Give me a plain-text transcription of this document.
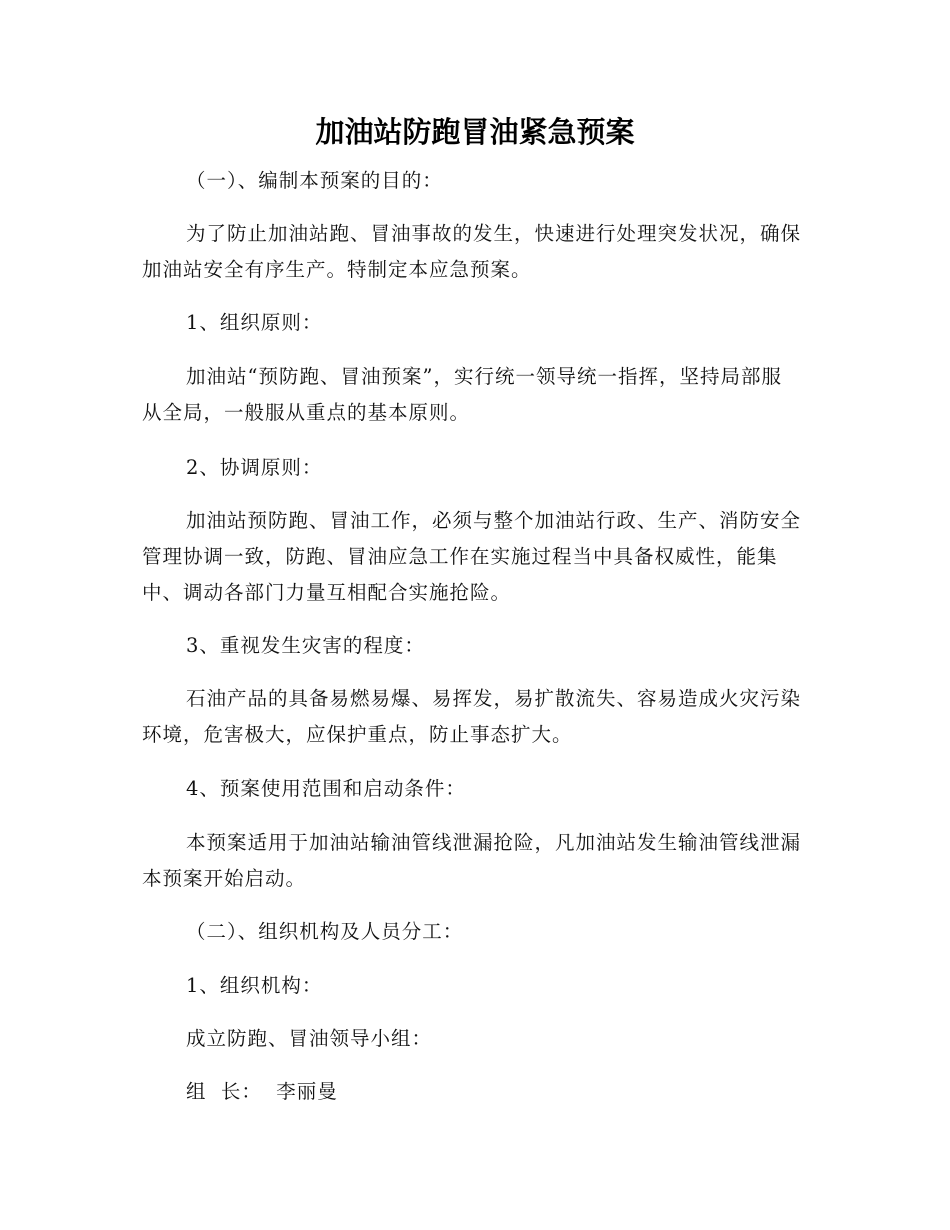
加油站防跑冒油紧急预案

（一）、编制本预案的目的：

为了防止加油站跑、冒油事故的发生，快速进行处理突发状况，确保加油站安全有序生产。特制定本应急预案。

1、组织原则：

加油站“预防跑、冒油预案”，实行统一领导统一指挥，坚持局部服从全局，一般服从重点的基本原则。

2、协调原则：

加油站预防跑、冒油工作，必须与整个加油站行政、生产、消防安全管理协调一致，防跑、冒油应急工作在实施过程当中具备权威性，能集中、调动各部门力量互相配合实施抢险。

3、重视发生灾害的程度：

石油产品的具备易燃易爆、易挥发，易扩散流失、容易造成火灾污染环境，危害极大，应保护重点，防止事态扩大。

4、预案使用范围和启动条件：

本预案适用于加油站输油管线泄漏抢险，凡加油站发生输油管线泄漏本预案开始启动。

（二）、组织机构及人员分工：

1、组织机构：

成立防跑、冒油领导小组：

组  长：  李丽曼
